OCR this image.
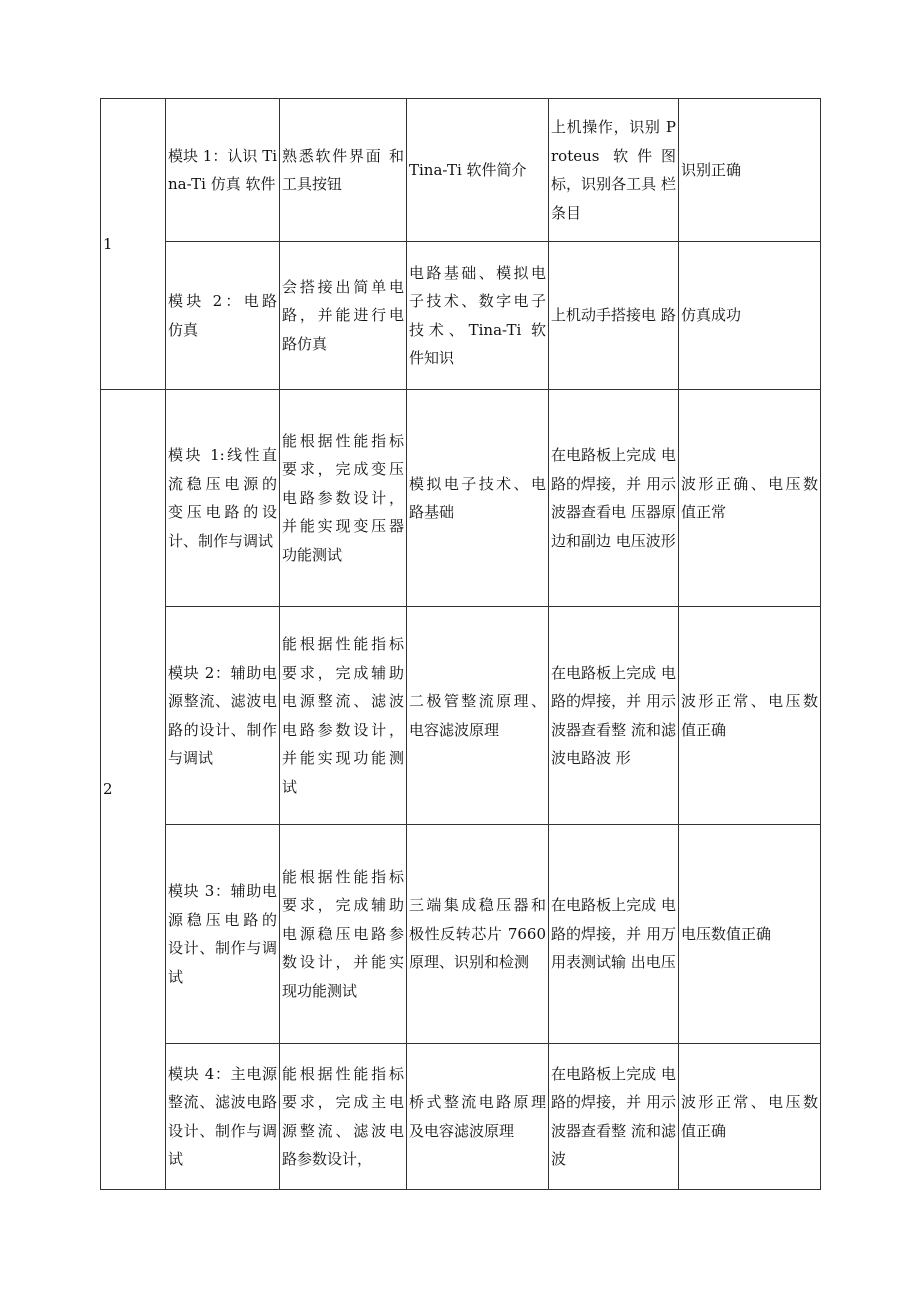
1	模块 1：认识 Tina-Ti 仿真 软件	熟悉软件界面 和工具按钮	Tina-Ti 软件简介	上机操作，识别 Proteus 软件图 标，识别各工具 栏条目	识别正确
	模块 2：电路 仿真	会搭接出简单电 路，并能进行电 路仿真	电路基础、模拟电 子技术、数字电子 技术、Tina-Ti 软 件知识	上机动手搭接电 路	仿真成功
2	模块 1:线性直 流稳压电源的 变压电路的设 计、制作与调试	能根据性能指标 要求，完成变压 电路参数设计， 并能实现变压器 功能测试	模拟电子技术、电 路基础	在电路板上完成 电路的焊接，并 用示波器查看电 压器原边和副边 电压波形	波形正确、电压数 值正常
	模块 2：辅助电 源整流、滤波电 路的设计、制作 与调试	能根据性能指标 要求，完成辅助 电源整流、滤波 电路参数设计， 并能实现功能测 试	二极管整流原理、 电容滤波原理	在电路板上完成 电路的焊接，并 用示波器查看整 流和滤波电路波 形	波形正常、电压数 值正确
	模块 3：辅助电 源稳压电路的 设计、制作与调 试	能根据性能指标 要求，完成辅助 电源稳压电路参 数设计，并能实 现功能测试	三端集成稳压器和 极性反转芯片 7660 原理、识别和检测	在电路板上完成 电路的焊接，并 用万用表测试输 出电压	电压数值正确
	模块 4：主电源 整流、滤波电路 设计、制作与调 试	能根据性能指标 要求，完成主电 源整流、滤波电 路参数设计，	桥式整流电路原理 及电容滤波原理	在电路板上完成 电路的焊接，并 用示波器查看整 流和滤波	波形正常、电压数 值正确
